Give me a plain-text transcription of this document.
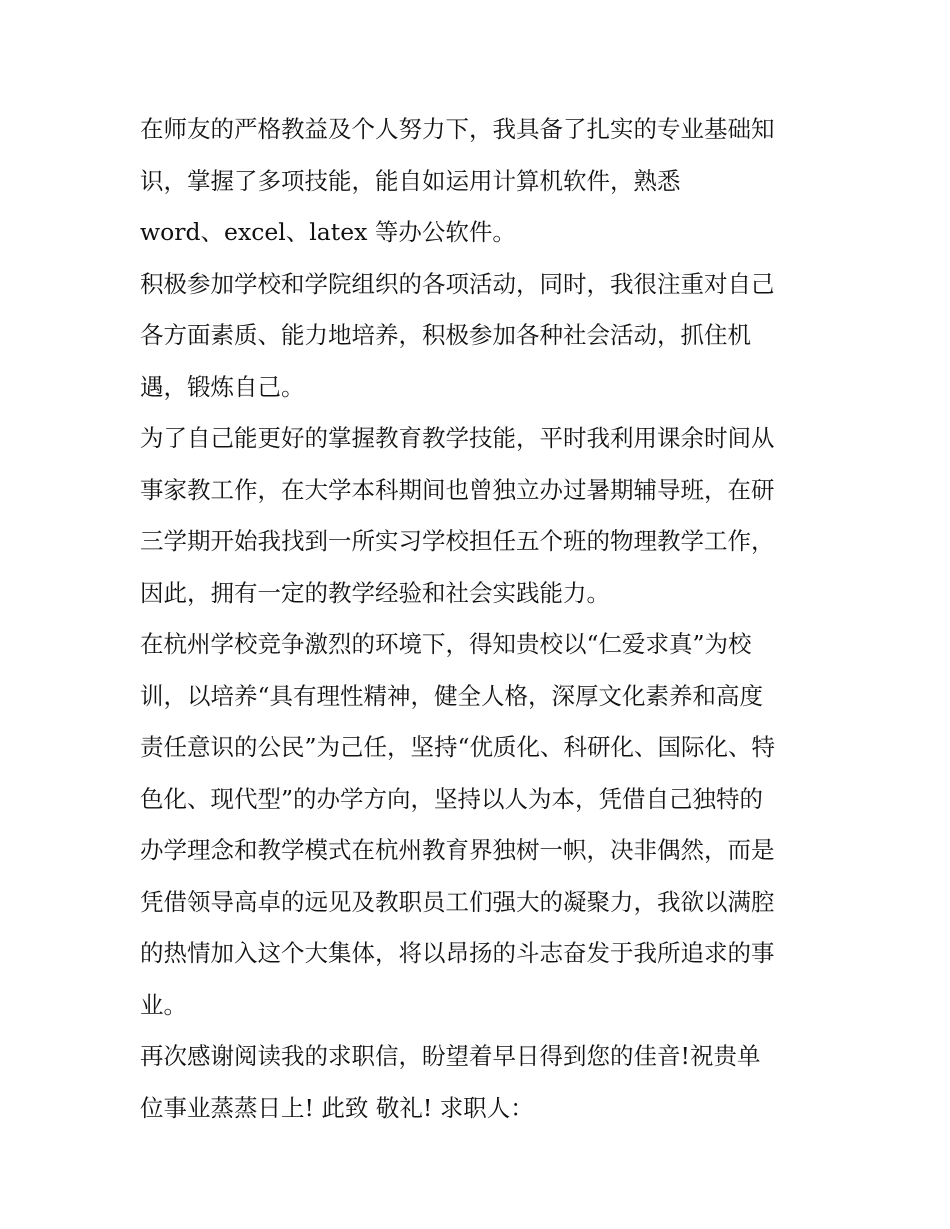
在师友的严格教益及个人努力下，我具备了扎实的专业基础知
识，掌握了多项技能，能自如运用计算机软件，熟悉
word、excel、latex 等办公软件。
积极参加学校和学院组织的各项活动，同时，我很注重对自己
各方面素质、能力地培养，积极参加各种社会活动，抓住机
遇，锻炼自己。
为了自己能更好的掌握教育教学技能，平时我利用课余时间从
事家教工作，在大学本科期间也曾独立办过暑期辅导班，在研
三学期开始我找到一所实习学校担任五个班的物理教学工作，
因此，拥有一定的教学经验和社会实践能力。
在杭州学校竞争激烈的环境下，得知贵校以“仁爱求真”为校
训，以培养“具有理性精神，健全人格，深厚文化素养和高度
责任意识的公民”为己任，坚持“优质化、科研化、国际化、特
色化、现代型”的办学方向，坚持以人为本，凭借自己独特的
办学理念和教学模式在杭州教育界独树一帜，决非偶然，而是
凭借领导高卓的远见及教职员工们强大的凝聚力，我欲以满腔
的热情加入这个大集体，将以昂扬的斗志奋发于我所追求的事
业。
再次感谢阅读我的求职信，盼望着早日得到您的佳音!祝贵单
位事业蒸蒸日上! 此致 敬礼! 求职人：
